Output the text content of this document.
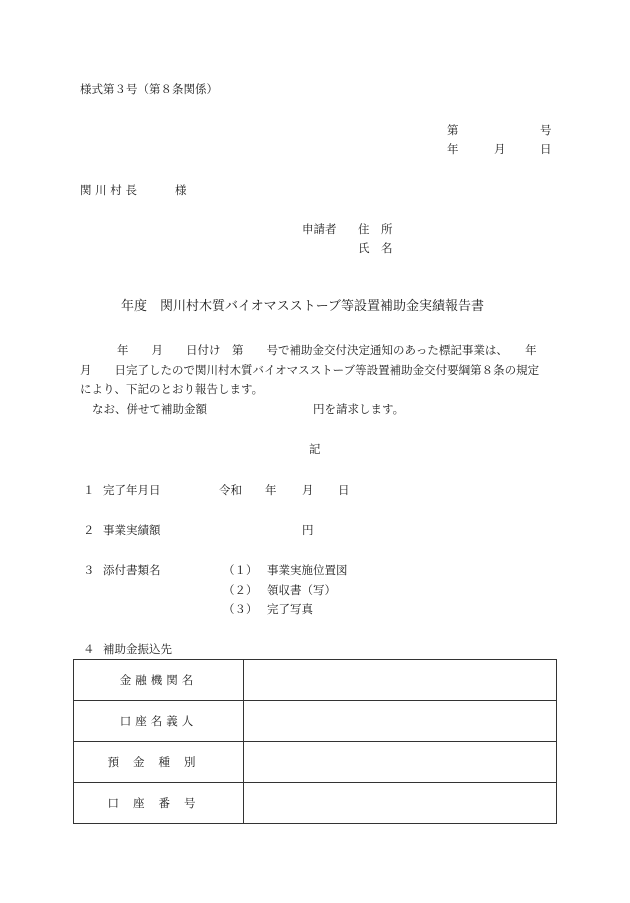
様式第３号（第８条関係）
第	号
年	月	日
関 川 村 長	様
申請者 住　所
氏　名
年度　関川村木質バイオマスストーブ等設置補助金実績報告書
年　　月　　日付け　第　　号で補助金交付決定通知のあった標記事業は、　　年
月　　日完了したので関川村木質バイオマスストーブ等設置補助金交付要綱第８条の規定
により、下記のとおり報告します。
なお、併せて補助金額	円を請求します。
記
１ 完了年月日	令和 年 月 日
２ 事業実績額	円
３ 添付書類名	（１） 事業実施位置図
（２） 領収書（写）
（３） 完了写真
４ 補助金振込先
金融機関名	
口座名義人	
預金種別	
口座番号	
